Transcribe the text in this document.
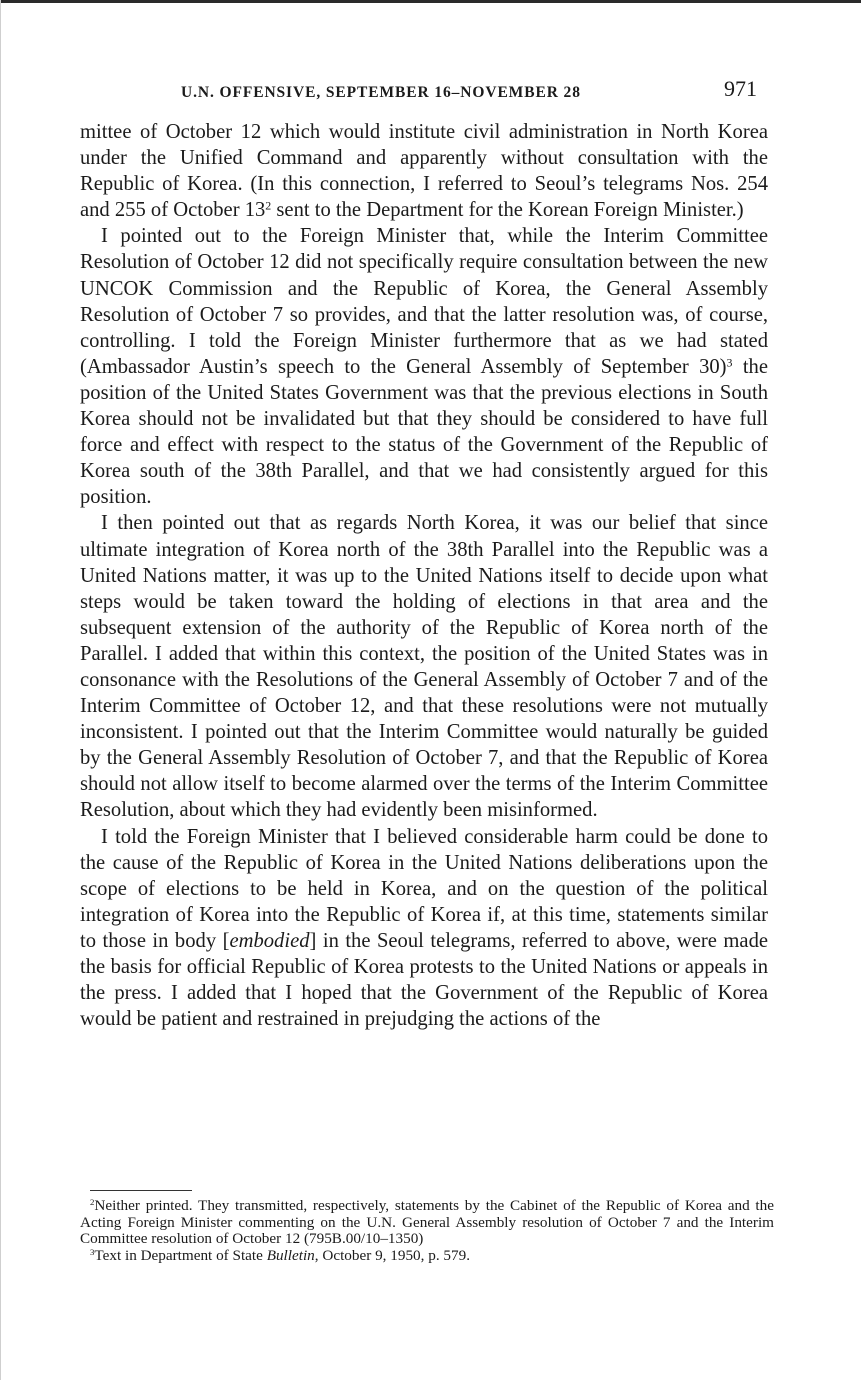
U.N. OFFENSIVE, SEPTEMBER 16–NOVEMBER 28	971

mittee of October 12 which would institute civil administration in North Korea under the Unified Command and apparently without consultation with the Republic of Korea. (In this connection, I referred to Seoul’s telegrams Nos. 254 and 255 of October $13^2$ sent to the Department for the Korean Foreign Minister.)

I pointed out to the Foreign Minister that, while the Interim Committee Resolution of October 12 did not specifically require consultation between the new UNCOK Commission and the Republic of Korea, the General Assembly Resolution of October 7 so provides, and that the latter resolution was, of course, controlling. I told the Foreign Minister furthermore that as we had stated (Ambassador Austin’s speech to the General Assembly of September 30)$^3$ the position of the United States Government was that the previous elections in South Korea should not be invalidated but that they should be considered to have full force and effect with respect to the status of the Government of the Republic of Korea south of the 38th Parallel, and that we had consistently argued for this position.

I then pointed out that as regards North Korea, it was our belief that since ultimate integration of Korea north of the 38th Parallel into the Republic was a United Nations matter, it was up to the United Nations itself to decide upon what steps would be taken toward the holding of elections in that area and the subsequent extension of the authority of the Republic of Korea north of the Parallel. I added that within this context, the position of the United States was in consonance with the Resolutions of the General Assembly of October 7 and of the Interim Committee of October 12, and that these resolutions were not mutually inconsistent. I pointed out that the Interim Committee would naturally be guided by the General Assembly Resolution of October 7, and that the Republic of Korea should not allow itself to become alarmed over the terms of the Interim Committee Resolution, about which they had evidently been misinformed.

I told the Foreign Minister that I believed considerable harm could be done to the cause of the Republic of Korea in the United Nations deliberations upon the scope of elections to be held in Korea, and on the question of the political integration of Korea into the Republic of Korea if, at this time, statements similar to those in body [embodied] in the Seoul telegrams, referred to above, were made the basis for official Republic of Korea protests to the United Nations or appeals in the press. I added that I hoped that the Government of the Republic of Korea would be patient and restrained in prejudging the actions of the

$^2$Neither printed. They transmitted, respectively, statements by the Cabinet of the Republic of Korea and the Acting Foreign Minister commenting on the U.N. General Assembly resolution of October 7 and the Interim Committee resolution of October 12 (795B.00/10–1350)

$^3$Text in Department of State Bulletin, October 9, 1950, p. 579.
